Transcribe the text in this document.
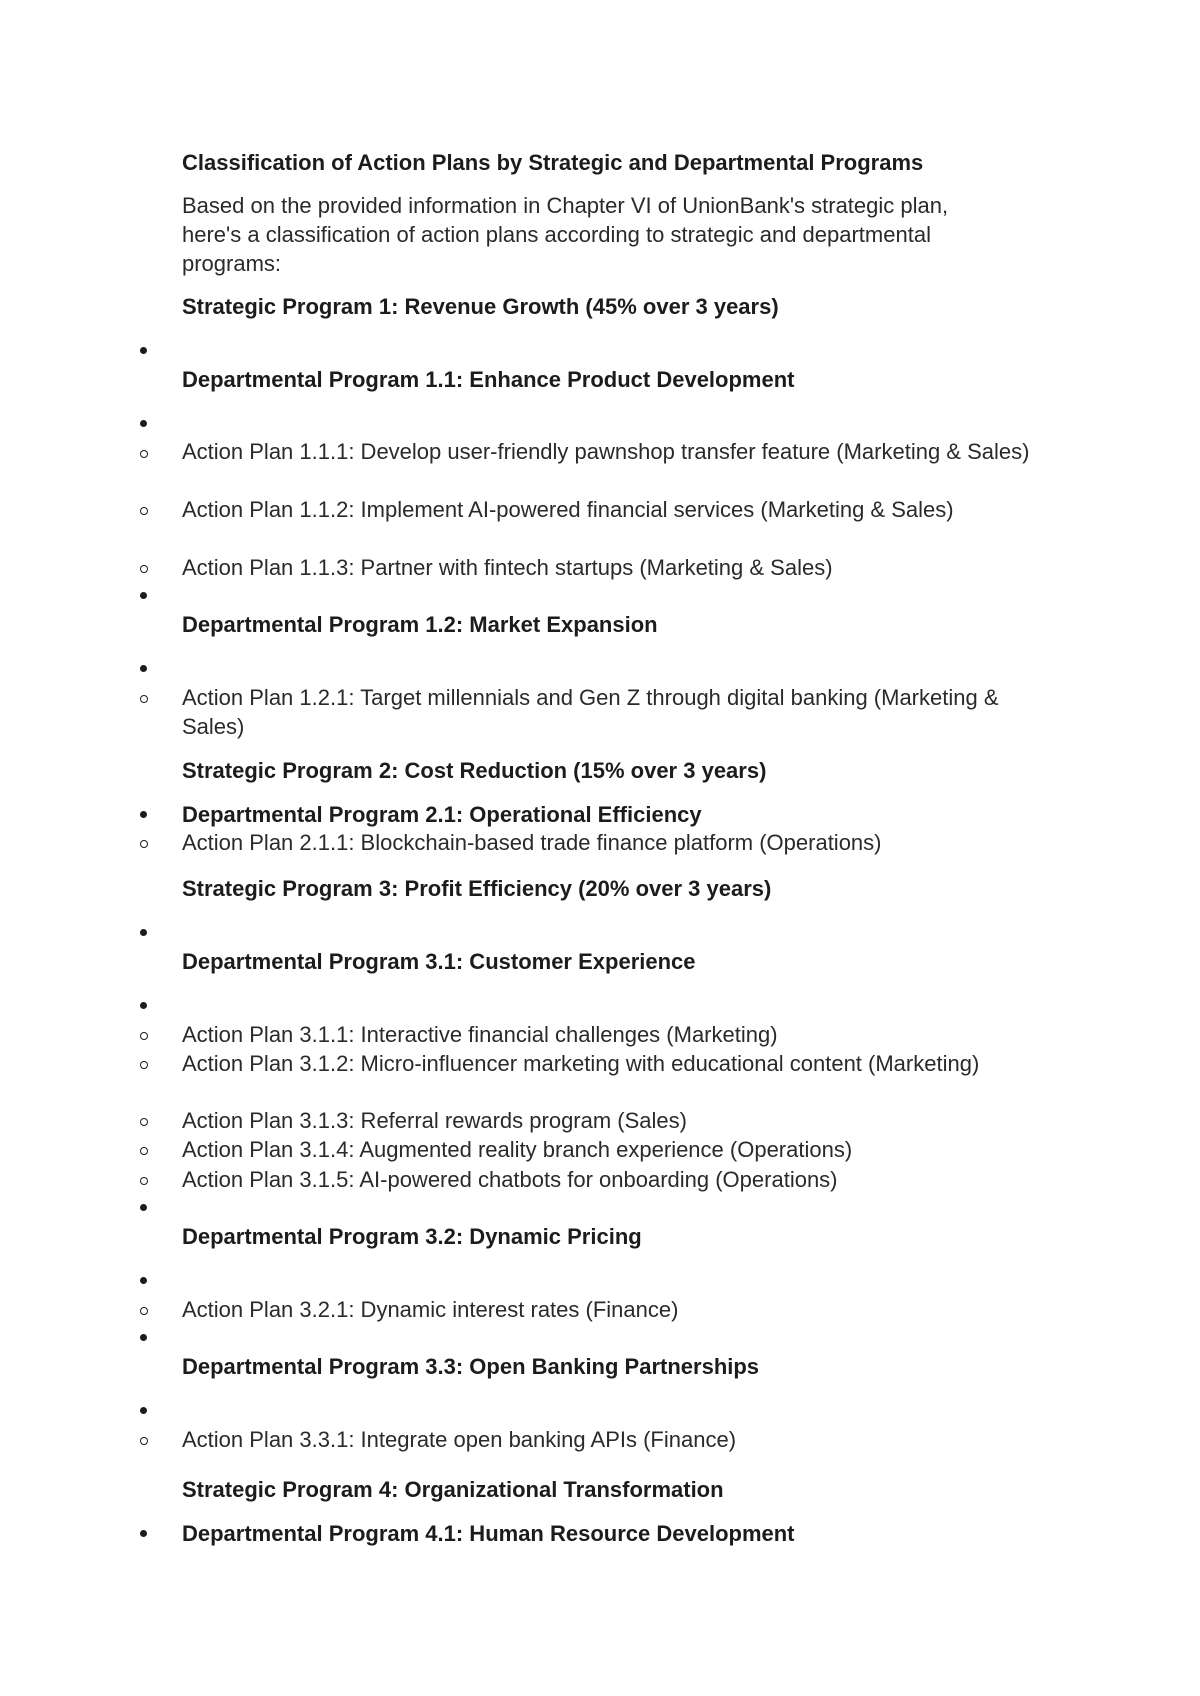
Classification of Action Plans by Strategic and Departmental Programs
Based on the provided information in Chapter VI of UnionBank's strategic plan, here's a classification of action plans according to strategic and departmental programs:
Strategic Program 1: Revenue Growth (45% over 3 years)
Departmental Program 1.1: Enhance Product Development
Action Plan 1.1.1: Develop user-friendly pawnshop transfer feature (Marketing & Sales)
Action Plan 1.1.2: Implement AI-powered financial services (Marketing & Sales)
Action Plan 1.1.3: Partner with fintech startups (Marketing & Sales)
Departmental Program 1.2: Market Expansion
Action Plan 1.2.1: Target millennials and Gen Z through digital banking (Marketing & Sales)
Strategic Program 2: Cost Reduction (15% over 3 years)
Departmental Program 2.1: Operational Efficiency
Action Plan 2.1.1: Blockchain-based trade finance platform (Operations)
Strategic Program 3: Profit Efficiency (20% over 3 years)
Departmental Program 3.1: Customer Experience
Action Plan 3.1.1: Interactive financial challenges (Marketing)
Action Plan 3.1.2: Micro-influencer marketing with educational content (Marketing)
Action Plan 3.1.3: Referral rewards program (Sales)
Action Plan 3.1.4: Augmented reality branch experience (Operations)
Action Plan 3.1.5: AI-powered chatbots for onboarding (Operations)
Departmental Program 3.2: Dynamic Pricing
Action Plan 3.2.1: Dynamic interest rates (Finance)
Departmental Program 3.3: Open Banking Partnerships
Action Plan 3.3.1: Integrate open banking APIs (Finance)
Strategic Program 4: Organizational Transformation
Departmental Program 4.1: Human Resource Development
